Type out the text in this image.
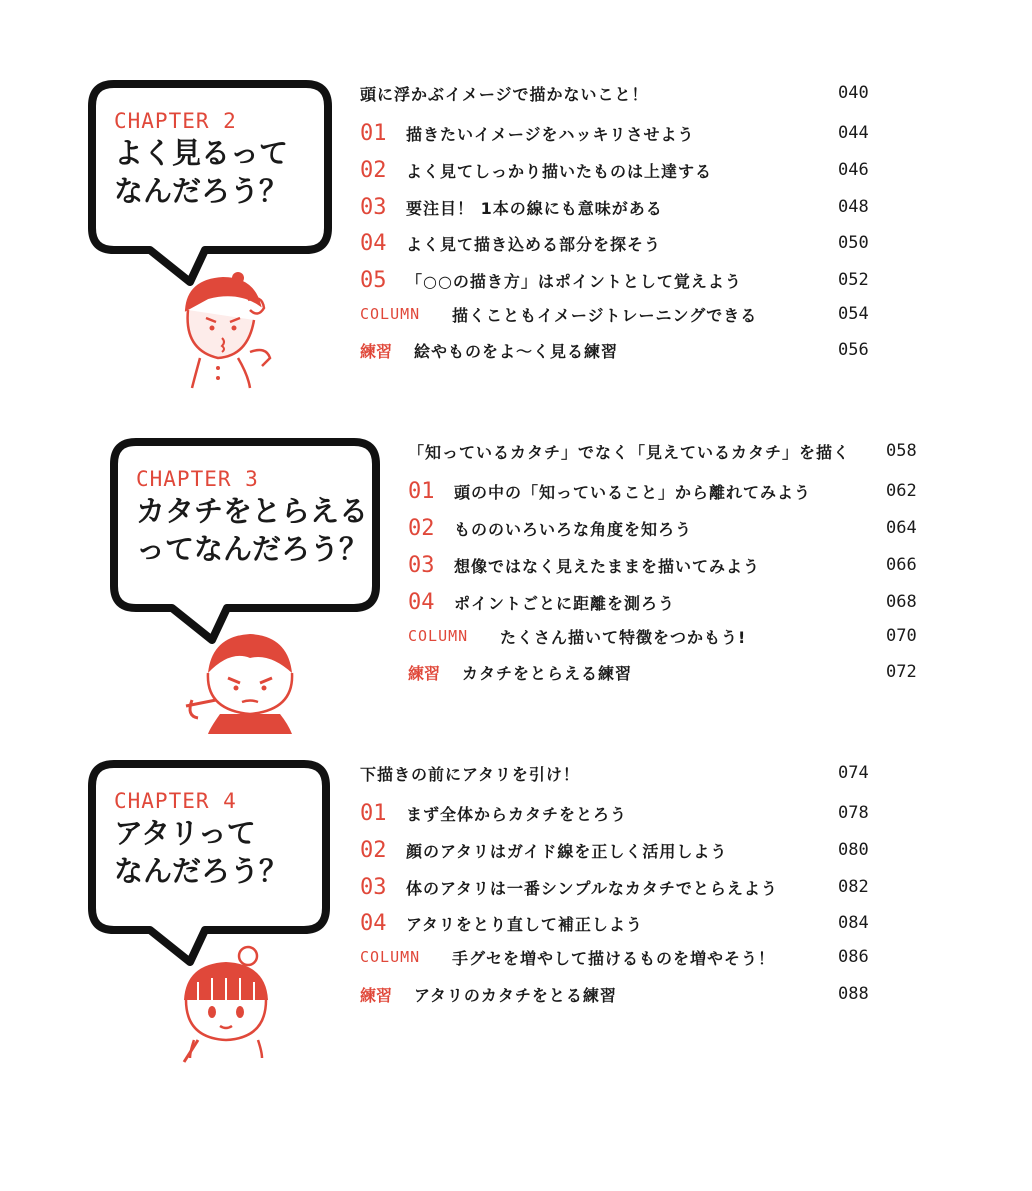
CHAPTER 2
よく見るって
なんだろう？
頭に浮かぶイメージで描かないこと！	040
01	描きたいイメージをハッキリさせよう	044
02	よく見てしっかり描いたものは上達する	046
03	要注目！ 1本の線にも意味がある	048
04	よく見て描き込める部分を探そう	050
05	「○○の描き方」はポイントとして覚えよう	052
COLUMN	描くこともイメージトレーニングできる	054
練習	絵やものをよ〜く見る練習	056
CHAPTER 3
カタチをとらえる
ってなんだろう？
「知っているカタチ」でなく「見えているカタチ」を描く 058
01	頭の中の「知っていること」から離れてみよう	062
02	もののいろいろな角度を知ろう	064
03	想像ではなく見えたままを描いてみよう	066
04	ポイントごとに距離を測ろう	068
COLUMN	たくさん描いて特徴をつかもう!	070
練習	カタチをとらえる練習	072
CHAPTER 4
アタリって
なんだろう？
下描きの前にアタリを引け！	074
01	まず全体からカタチをとろう	078
02	顔のアタリはガイド線を正しく活用しよう	080
03	体のアタリは一番シンプルなカタチでとらえよう	082
04	アタリをとり直して補正しよう	084
COLUMN	手グセを増やして描けるものを増やそう！	086
練習	アタリのカタチをとる練習	088
